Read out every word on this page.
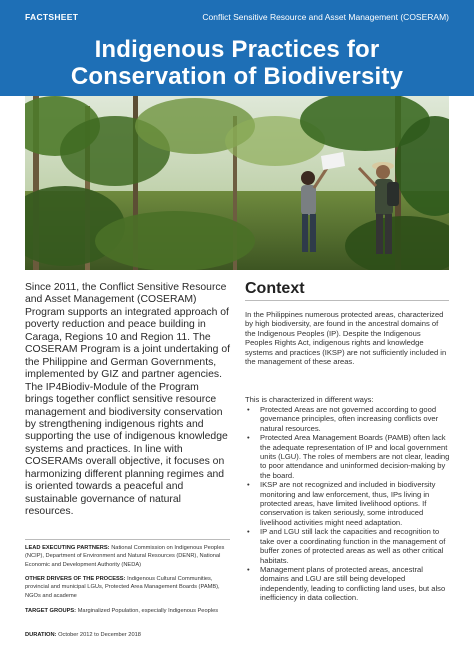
FACTSHEET	Conflict Sensitive Resource and Asset Management (COSERAM)
Indigenous Practices for
Conservation of Biodiversity

Since 2011, the Conflict Sensitive Resource and Asset Management (COSERAM) Program supports an integrated approach of poverty reduction and peace building in Caraga, Regions 10 and Region 11. The COSERAM Program is a joint undertaking of the Philippine and German Governments, implemented by GIZ and partner agencies. The IP4Biodiv-Module of the Program brings together conflict sensitive resource management and biodiversity conservation by strengthening indigenous rights and supporting the use of indigenous knowledge systems and practices. In line with COSERAMs overall objective, it focuses on harmonizing different planning regimes and is oriented towards a peaceful and sustainable governance of natural resources.

LEAD EXECUTING PARTNERS: National Commission on Indigenous Peoples (NCIP), Department of Environment and Natural Resources (DENR), National Economic and Development Authority (NEDA)

OTHER DRIVERS OF THE PROCESS: Indigenous Cultural Communities, provincial and municipal LGUs, Protected Area Management Boards (PAMB), NGOs and academe

TARGET GROUPS: Marginalized Population, especially Indigenous Peoples

DURATION: October 2012 to December 2018

Context

In the Philippines numerous protected areas, characterized by high biodiversity, are found in the ancestral domains of the Indigenous Peoples (IP). Despite the Indigenous Peoples Rights Act, indigenous rights and knowledge systems and practices (IKSP) are not sufficiently included in the management of these areas.

This is characterized in different ways:

• Protected Areas are not governed according to good governance principles, often increasing conflicts over natural resources.
• Protected Area Management Boards (PAMB) often lack the adequate representation of IP and local government units (LGU). The roles of members are not clear, leading to poor attendance and uninformed decision-making by the board.
• IKSP are not recognized and included in biodiversity monitoring and law enforcement, thus, IPs living in protected areas, have limited livelihood options. If conservation is taken seriously, some introduced livelihood activities might need adaptation.
• IP and LGU still lack the capacities and recognition to take over a coordinating function in the management of buffer zones of protected areas as well as other critical habitats.
• Management plans of protected areas, ancestral domains and LGU are still being developed independently, leading to conflicting land uses, but also inefficiency in data collection.
